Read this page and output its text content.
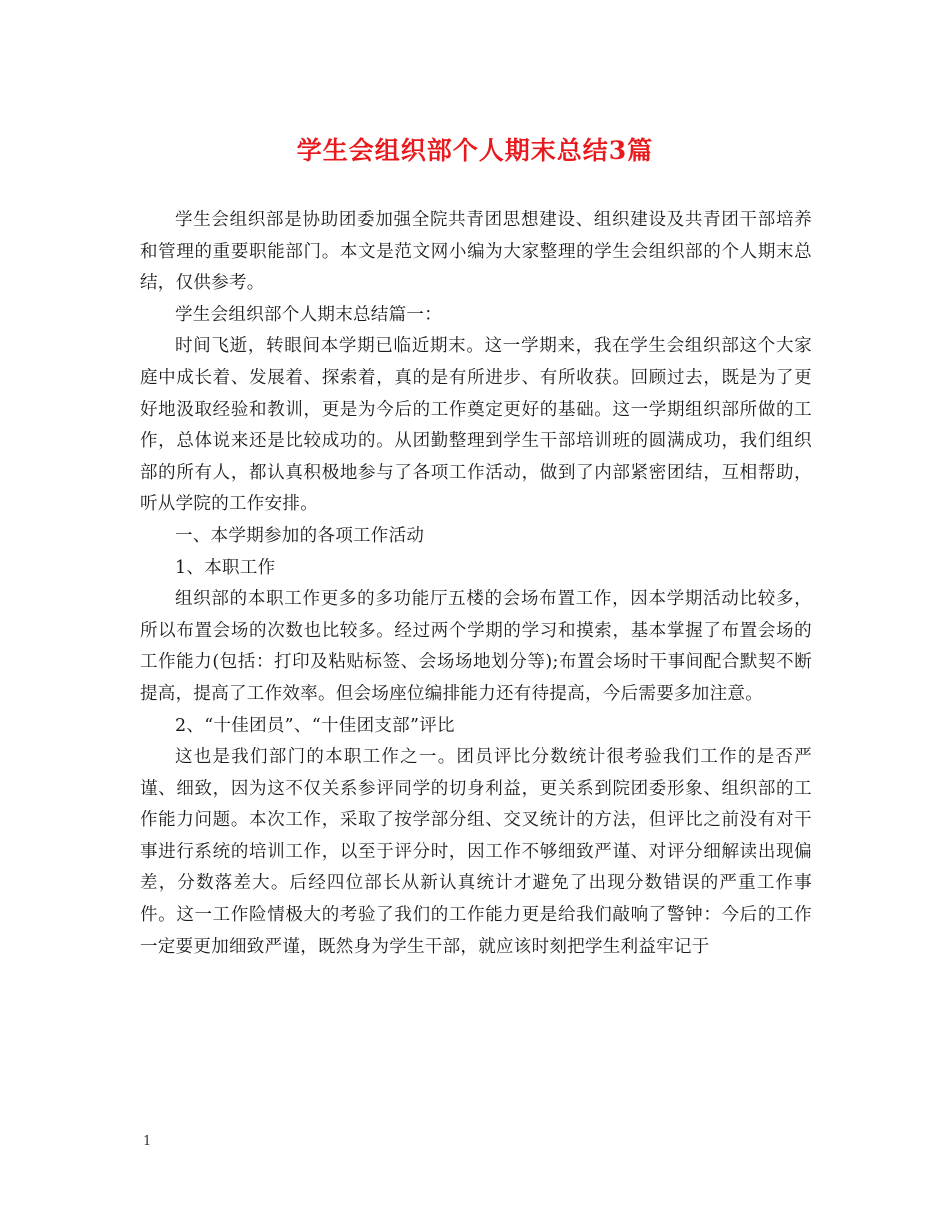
学生会组织部个人期末总结3篇

学生会组织部是协助团委加强全院共青团思想建设、组织建设及共青团干部培养和管理的重要职能部门。本文是范文网小编为大家整理的学生会组织部的个人期末总结，仅供参考。

学生会组织部个人期末总结篇一：

时间飞逝，转眼间本学期已临近期末。这一学期来，我在学生会组织部这个大家庭中成长着、发展着、探索着，真的是有所进步、有所收获。回顾过去，既是为了更好地汲取经验和教训，更是为今后的工作奠定更好的基础。这一学期组织部所做的工作，总体说来还是比较成功的。从团勤整理到学生干部培训班的圆满成功，我们组织部的所有人，都认真积极地参与了各项工作活动，做到了内部紧密团结，互相帮助，听从学院的工作安排。

一、本学期参加的各项工作活动

1、本职工作

组织部的本职工作更多的多功能厅五楼的会场布置工作，因本学期活动比较多，所以布置会场的次数也比较多。经过两个学期的学习和摸索，基本掌握了布置会场的工作能力(包括：打印及粘贴标签、会场场地划分等);布置会场时干事间配合默契不断提高，提高了工作效率。但会场座位编排能力还有待提高，今后需要多加注意。

2、“十佳团员”、“十佳团支部”评比

这也是我们部门的本职工作之一。团员评比分数统计很考验我们工作的是否严谨、细致，因为这不仅关系参评同学的切身利益，更关系到院团委形象、组织部的工作能力问题。本次工作，采取了按学部分组、交叉统计的方法，但评比之前没有对干事进行系统的培训工作，以至于评分时，因工作不够细致严谨、对评分细解读出现偏差，分数落差大。后经四位部长从新认真统计才避免了出现分数错误的严重工作事件。这一工作险情极大的考验了我们的工作能力更是给我们敲响了警钟：今后的工作一定要更加细致严谨，既然身为学生干部，就应该时刻把学生利益牢记于

1
